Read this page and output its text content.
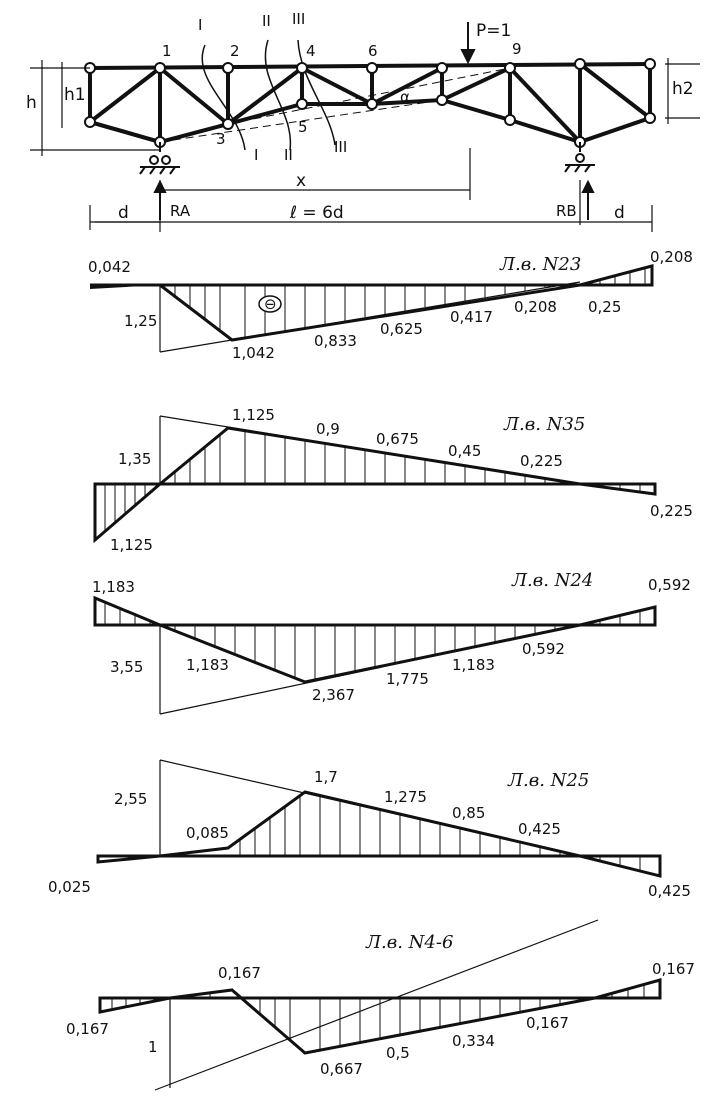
h h1	h2
d	d
x
ℓ = 6d
RA	RB
P=1
α
1	2
3
4
5
6	9
I
I
II
II
III
III
⊖
Л.в. N23
0,042
1,25
1,042
0,833
0,625
0,417
0,208 0,25
0,208
Л.в. N35
1,125
0,9
0,675
0,45
0,225
1,35
1,125
0,225
Л.в. N24
1,183
3,55	1,183
2,367
1,775
1,183
0,592
0,592
Л.в. N25
2,55
0,085
1,7
1,275
0,85
0,425
0,025	0,425
Л.в. N4-6
0,167
0,167
1
0,667
0,5
0,334
0,167
0,167
